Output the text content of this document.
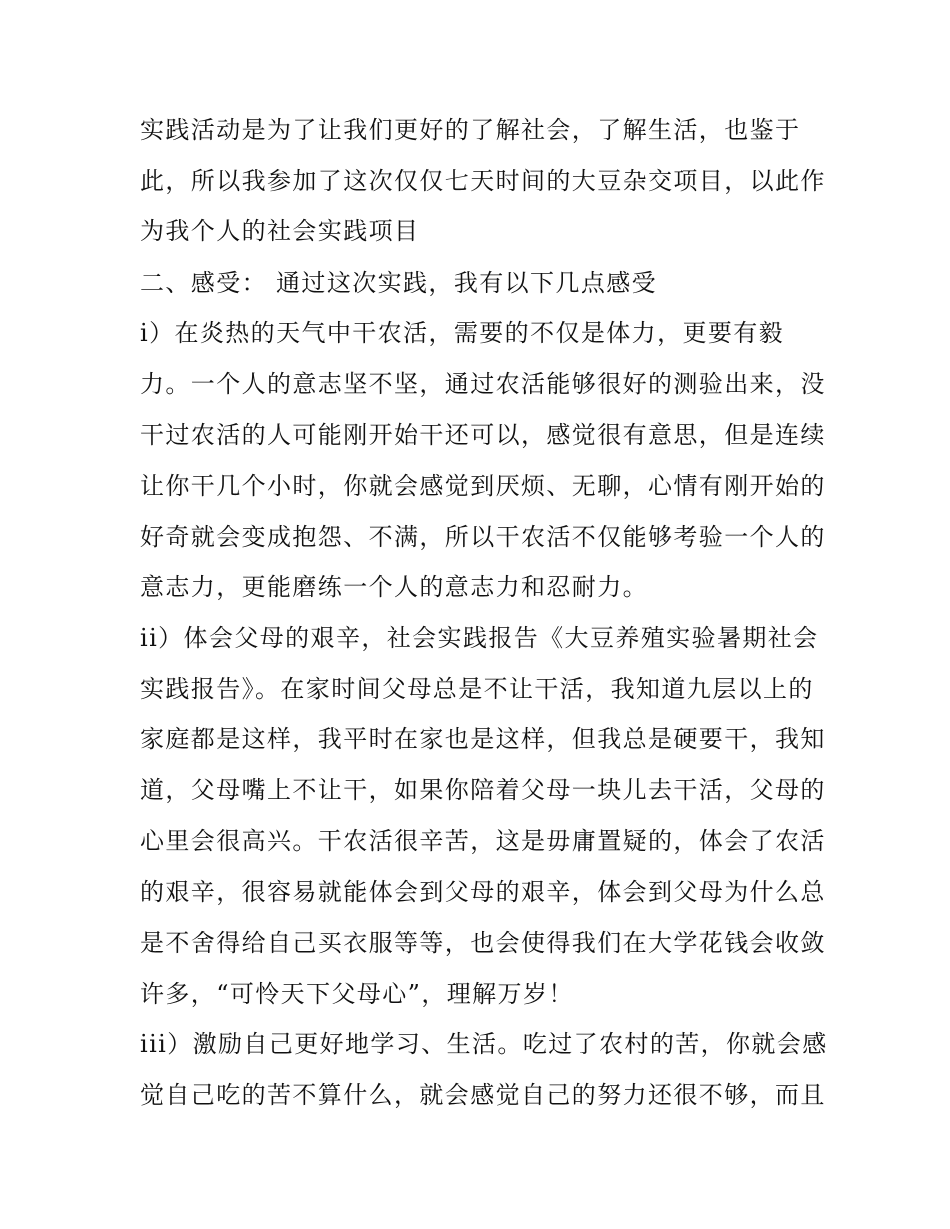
实践活动是为了让我们更好的了解社会，了解生活，也鉴于
此，所以我参加了这次仅仅七天时间的大豆杂交项目，以此作
为我个人的社会实践项目
二、感受： 通过这次实践，我有以下几点感受
i）在炎热的天气中干农活，需要的不仅是体力，更要有毅
力。一个人的意志坚不坚，通过农活能够很好的测验出来，没
干过农活的人可能刚开始干还可以，感觉很有意思，但是连续
让你干几个小时，你就会感觉到厌烦、无聊，心情有刚开始的
好奇就会变成抱怨、不满，所以干农活不仅能够考验一个人的
意志力，更能磨练一个人的意志力和忍耐力。
ii）体会父母的艰辛，社会实践报告《大豆养殖实验暑期社会
实践报告》。在家时间父母总是不让干活，我知道九层以上的
家庭都是这样，我平时在家也是这样，但我总是硬要干，我知
道，父母嘴上不让干，如果你陪着父母一块儿去干活，父母的
心里会很高兴。干农活很辛苦，这是毋庸置疑的，体会了农活
的艰辛，很容易就能体会到父母的艰辛，体会到父母为什么总
是不舍得给自己买衣服等等，也会使得我们在大学花钱会收敛
许多，“可怜天下父母心”，理解万岁！
iii）激励自己更好地学习、生活。吃过了农村的苦，你就会感
觉自己吃的苦不算什么，就会感觉自己的努力还很不够，而且
